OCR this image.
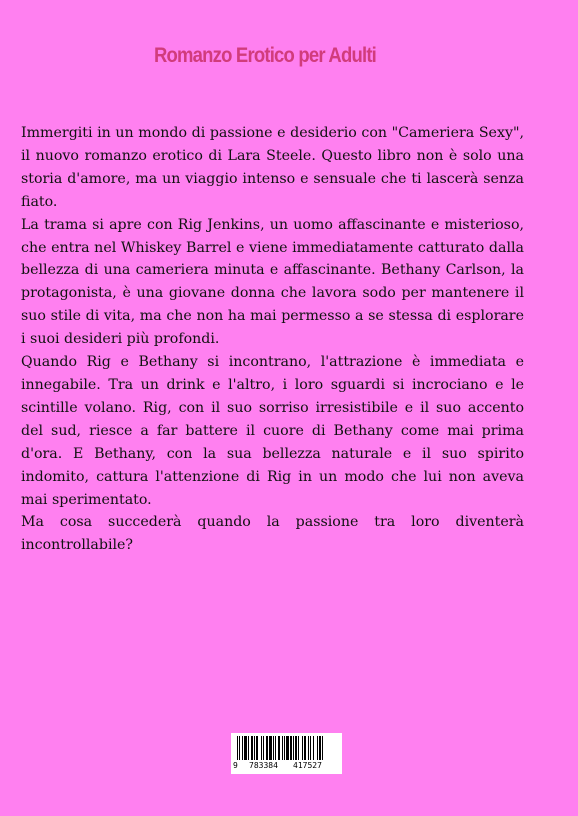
Romanzo Erotico per Adulti

Immergiti in un mondo di passione e desiderio con "Cameriera Sexy", il nuovo romanzo erotico di Lara Steele. Questo libro non è solo una storia d'amore, ma un viaggio intenso e sensuale che ti lascerà senza fiato.

La trama si apre con Rig Jenkins, un uomo affascinante e misterioso, che entra nel Whiskey Barrel e viene immediatamente catturato dalla bellezza di una cameriera minuta e affascinante. Bethany Carlson, la protagonista, è una giovane donna che lavora sodo per mantenere il suo stile di vita, ma che non ha mai permesso a se stessa di esplorare i suoi desideri più profondi.

Quando Rig e Bethany si incontrano, l'attrazione è immediata e innegabile. Tra un drink e l'altro, i loro sguardi si incrociano e le scintille volano. Rig, con il suo sorriso irresistibile e il suo accento del sud, riesce a far battere il cuore di Bethany come mai prima d'ora. E Bethany, con la sua bellezza naturale e il suo spirito indomito, cattura l'attenzione di Rig in un modo che lui non aveva mai sperimentato.

Ma cosa succederà quando la passione tra loro diventerà incontrollabile?

9 783384 417527
